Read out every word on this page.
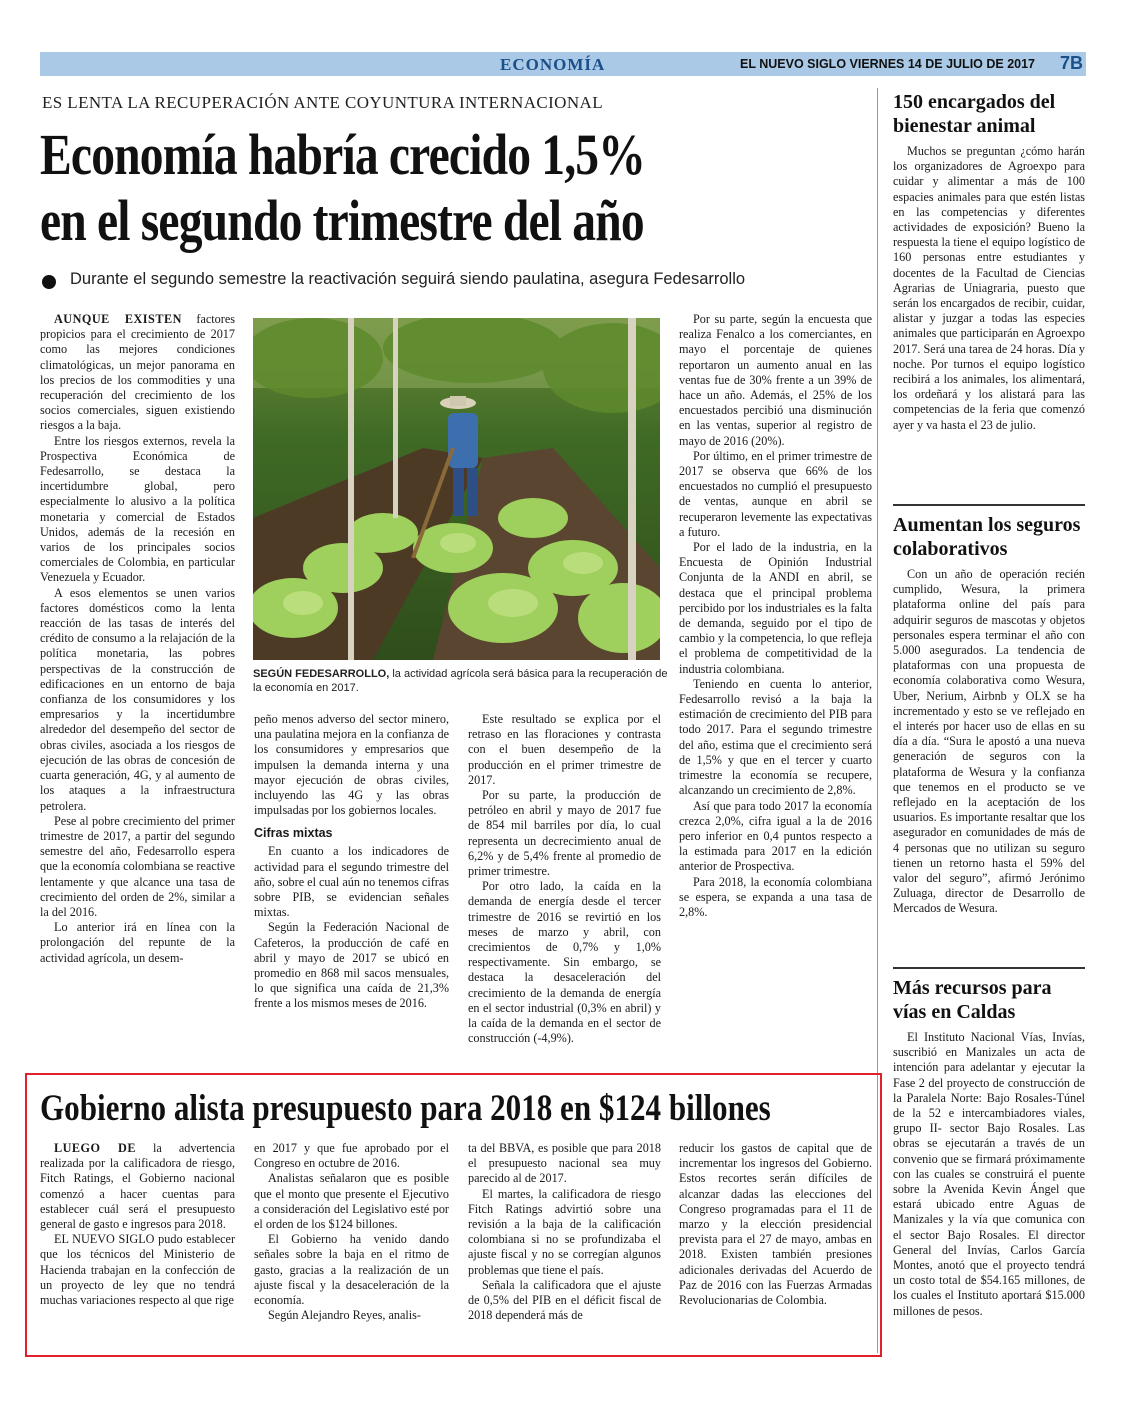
ECONOMÍA	EL NUEVO SIGLO VIERNES 14 DE JULIO DE 2017 7B
ES LENTA LA RECUPERACIÓN ANTE COYUNTURA INTERNACIONAL
Economía habría crecido 1,5%
en el segundo trimestre del año
Durante el segundo semestre la reactivación seguirá siendo paulatina, asegura Fedesarrollo

AUNQUE EXISTEN factores propicios para el crecimiento de 2017 como las mejores condiciones climatológicas, un mejor panorama en los precios de los commodities y una recuperación del crecimiento de los socios comerciales, siguen existiendo riesgos a la baja.

Entre los riesgos externos, revela la Prospectiva Económica de Fedesarrollo, se destaca la incertidumbre global, pero especialmente lo alusivo a la política monetaria y comercial de Estados Unidos, además de la recesión en varios de los principales socios comerciales de Colombia, en particular Venezuela y Ecuador.

A esos elementos se unen varios factores domésticos como la lenta reacción de las tasas de interés del crédito de consumo a la relajación de la política monetaria, las pobres perspectivas de la construcción de edificaciones en un entorno de baja confianza de los consumidores y los empresarios y la incertidumbre alrededor del desempeño del sector de obras civiles, asociada a los riesgos de ejecución de las obras de concesión de cuarta generación, 4G, y al aumento de los ataques a la infraestructura petrolera.

Pese al pobre crecimiento del primer trimestre de 2017, a partir del segundo semestre del año, Fedesarrollo espera que la economía colombiana se reactive lentamente y que alcance una tasa de crecimiento del orden de 2%, similar a la del 2016.

Lo anterior irá en línea con la prolongación del repunte de la actividad agrícola, un desem-

SEGÚN FEDESARROLLO, la actividad agrícola será básica para la recuperación de la economía en 2017.

peño menos adverso del sector minero, una paulatina mejora en la confianza de los consumidores y empresarios que impulsen la demanda interna y una mayor ejecución de obras civiles, incluyendo las 4G y las obras impulsadas por los gobiernos locales.

Cifras mixtas

En cuanto a los indicadores de actividad para el segundo trimestre del año, sobre el cual aún no tenemos cifras sobre PIB, se evidencian señales mixtas.

Según la Federación Nacional de Cafeteros, la producción de café en abril y mayo de 2017 se ubicó en promedio en 868 mil sacos mensuales, lo que significa una caída de 21,3% frente a los mismos meses de 2016.

Este resultado se explica por el retraso en las floraciones y contrasta con el buen desempeño de la producción en el primer trimestre de 2017.

Por su parte, la producción de petróleo en abril y mayo de 2017 fue de 854 mil barriles por día, lo cual representa un decrecimiento anual de 6,2% y de 5,4% frente al promedio de primer trimestre.

Por otro lado, la caída en la demanda de energía desde el tercer trimestre de 2016 se revirtió en los meses de marzo y abril, con crecimientos de 0,7% y 1,0% respectivamente. Sin embargo, se destaca la desaceleración del crecimiento de la demanda de energía en el sector industrial (0,3% en abril) y la caída de la demanda en el sector de construcción (-4,9%).

Por su parte, según la encuesta que realiza Fenalco a los comerciantes, en mayo el porcentaje de quienes reportaron un aumento anual en las ventas fue de 30% frente a un 39% de hace un año. Además, el 25% de los encuestados percibió una disminución en las ventas, superior al registro de mayo de 2016 (20%).

Por último, en el primer trimestre de 2017 se observa que 66% de los encuestados no cumplió el presupuesto de ventas, aunque en abril se recuperaron levemente las expectativas a futuro.

Por el lado de la industria, en la Encuesta de Opinión Industrial Conjunta de la ANDI en abril, se destaca que el principal problema percibido por los industriales es la falta de demanda, seguido por el tipo de cambio y la competencia, lo que refleja el problema de competitividad de la industria colombiana.

Teniendo en cuenta lo anterior, Fedesarrollo revisó a la baja la estimación de crecimiento del PIB para todo 2017. Para el segundo trimestre del año, estima que el crecimiento será de 1,5% y que en el tercer y cuarto trimestre la economía se recupere, alcanzando un crecimiento de 2,8%.

Así que para todo 2017 la economía crezca 2,0%, cifra igual a la de 2016 pero inferior en 0,4 puntos respecto a la estimada para 2017 en la edición anterior de Prospectiva.

Para 2018, la economía colombiana se espera, se expanda a una tasa de 2,8%.

150 encargados del bienestar animal

Muchos se preguntan ¿cómo harán los organizadores de Agroexpo para cuidar y alimentar a más de 100 espacies animales para que estén listas en las competencias y diferentes actividades de exposición? Bueno la respuesta la tiene el equipo logístico de 160 personas entre estudiantes y docentes de la Facultad de Ciencias Agrarias de Uniagraria, puesto que serán los encargados de recibir, cuidar, alistar y juzgar a todas las especies animales que participarán en Agroexpo 2017. Será una tarea de 24 horas. Día y noche. Por turnos el equipo logístico recibirá a los animales, los alimentará, los ordeñará y los alistará para las competencias de la feria que comenzó ayer y va hasta el 23 de julio.

Aumentan los seguros colaborativos

Con un año de operación recién cumplido, Wesura, la primera plataforma online del país para adquirir seguros de mascotas y objetos personales espera terminar el año con 5.000 asegurados. La tendencia de plataformas con una propuesta de economía colaborativa como Wesura, Uber, Nerium, Airbnb y OLX se ha incrementado y esto se ve reflejado en el interés por hacer uso de ellas en su día a día. “Sura le apostó a una nueva generación de seguros con la plataforma de Wesura y la confianza que tenemos en el producto se ve reflejado en la aceptación de los usuarios. Es importante resaltar que los asegurador en comunidades de más de 4 personas que no utilizan su seguro tienen un retorno hasta el 59% del valor del seguro”, afirmó Jerónimo Zuluaga, director de Desarrollo de Mercados de Wesura.

Más recursos para vías en Caldas

El Instituto Nacional Vías, Invías, suscribió en Manizales un acta de intención para adelantar y ejecutar la Fase 2 del proyecto de construcción de la Paralela Norte: Bajo Rosales-Túnel de la 52 e intercambiadores viales, grupo II- sector Bajo Rosales. Las obras se ejecutarán a través de un convenio que se firmará próximamente con las cuales se construirá el puente sobre la Avenida Kevin Ángel que estará ubicado entre Aguas de Manizales y la vía que comunica con el sector Bajo Rosales. El director General del Invías, Carlos García Montes, anotó que el proyecto tendrá un costo total de $54.165 millones, de los cuales el Instituto aportará $15.000 millones de pesos.

Gobierno alista presupuesto para 2018 en $124 billones

LUEGO DE la advertencia realizada por la calificadora de riesgo, Fitch Ratings, el Gobierno nacional comenzó a hacer cuentas para establecer cuál será el presupuesto general de gasto e ingresos para 2018.

EL NUEVO SIGLO pudo establecer que los técnicos del Ministerio de Hacienda trabajan en la confección de un proyecto de ley que no tendrá muchas variaciones respecto al que rige

en 2017 y que fue aprobado por el Congreso en octubre de 2016.

Analistas señalaron que es posible que el monto que presente el Ejecutivo a consideración del Legislativo esté por el orden de los $124 billones.

El Gobierno ha venido dando señales sobre la baja en el ritmo de gasto, gracias a la realización de un ajuste fiscal y la desaceleración de la economía.

Según Alejandro Reyes, analis-

ta del BBVA, es posible que para 2018 el presupuesto nacional sea muy parecido al de 2017.

El martes, la calificadora de riesgo Fitch Ratings advirtió sobre una revisión a la baja de la calificación colombiana si no se profundizaba el ajuste fiscal y no se corregían algunos problemas que tiene el país.

Señala la calificadora que el ajuste de 0,5% del PIB en el déficit fiscal de 2018 dependerá más de

reducir los gastos de capital que de incrementar los ingresos del Gobierno. Estos recortes serán difíciles de alcanzar dadas las elecciones del Congreso programadas para el 11 de marzo y la elección presidencial prevista para el 27 de mayo, ambas en 2018. Existen también presiones adicionales derivadas del Acuerdo de Paz de 2016 con las Fuerzas Armadas Revolucionarias de Colombia.
